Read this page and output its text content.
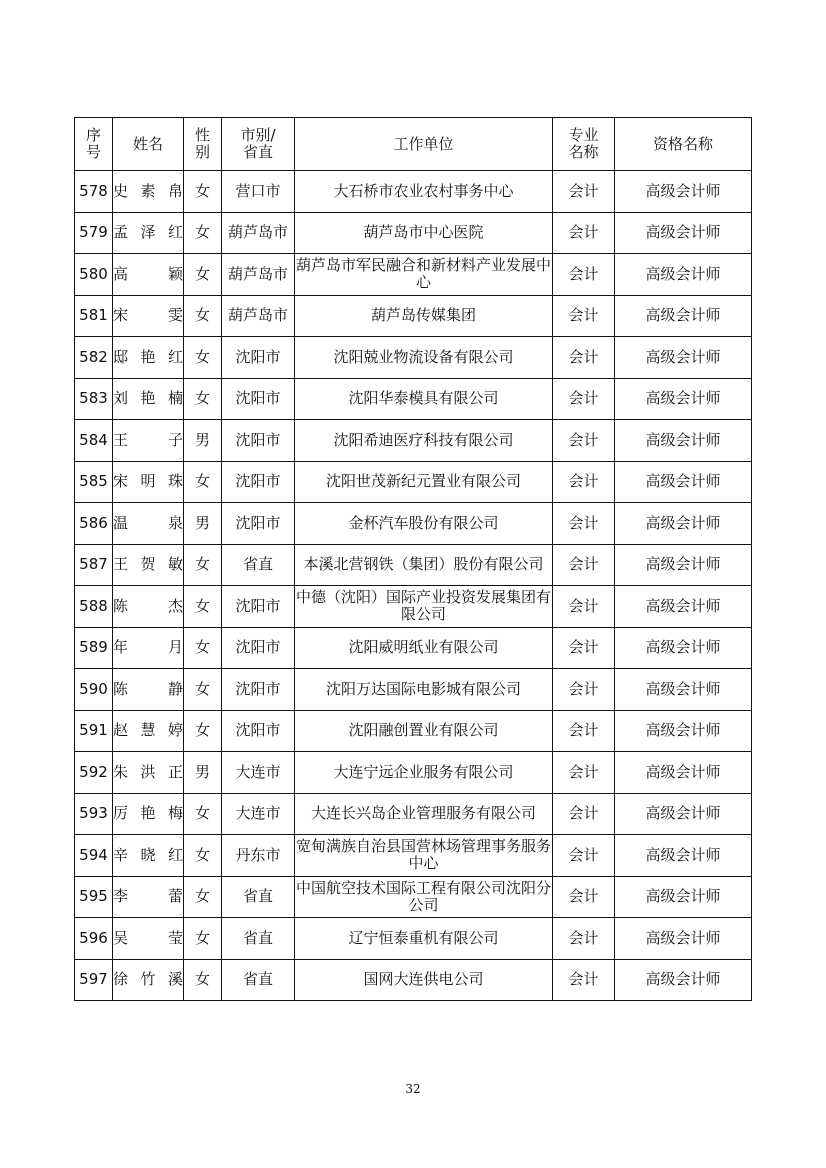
序号	姓名	性别	市别/省直	工作单位	专业名称	资格名称
578	史 素 帛	女	营口市	大石桥市农业农村事务中心	会计	高级会计师
579	孟 泽 红	女	葫芦岛市	葫芦岛市中心医院	会计	高级会计师
580	高 颖	女	葫芦岛市	葫芦岛市军民融合和新材料产业发展中心	会计	高级会计师
581	宋 雯	女	葫芦岛市	葫芦岛传媒集团	会计	高级会计师
582	邸 艳 红	女	沈阳市	沈阳兢业物流设备有限公司	会计	高级会计师
583	刘 艳 楠	女	沈阳市	沈阳华泰模具有限公司	会计	高级会计师
584	王 子	男	沈阳市	沈阳希迪医疗科技有限公司	会计	高级会计师
585	宋 明 珠	女	沈阳市	沈阳世茂新纪元置业有限公司	会计	高级会计师
586	温 泉	男	沈阳市	金杯汽车股份有限公司	会计	高级会计师
587	王 贺 敏	女	省直	本溪北营钢铁（集团）股份有限公司	会计	高级会计师
588	陈 杰	女	沈阳市	中德（沈阳）国际产业投资发展集团有限公司	会计	高级会计师
589	年 月	女	沈阳市	沈阳威明纸业有限公司	会计	高级会计师
590	陈 静	女	沈阳市	沈阳万达国际电影城有限公司	会计	高级会计师
591	赵 慧 婷	女	沈阳市	沈阳融创置业有限公司	会计	高级会计师
592	朱 洪 正	男	大连市	大连宁远企业服务有限公司	会计	高级会计师
593	厉 艳 梅	女	大连市	大连长兴岛企业管理服务有限公司	会计	高级会计师
594	辛 晓 红	女	丹东市	宽甸满族自治县国营林场管理事务服务中心	会计	高级会计师
595	李 蕾	女	省直	中国航空技术国际工程有限公司沈阳分公司	会计	高级会计师
596	吴 莹	女	省直	辽宁恒泰重机有限公司	会计	高级会计师
597	徐 竹 溪	女	省直	国网大连供电公司	会计	高级会计师
32
